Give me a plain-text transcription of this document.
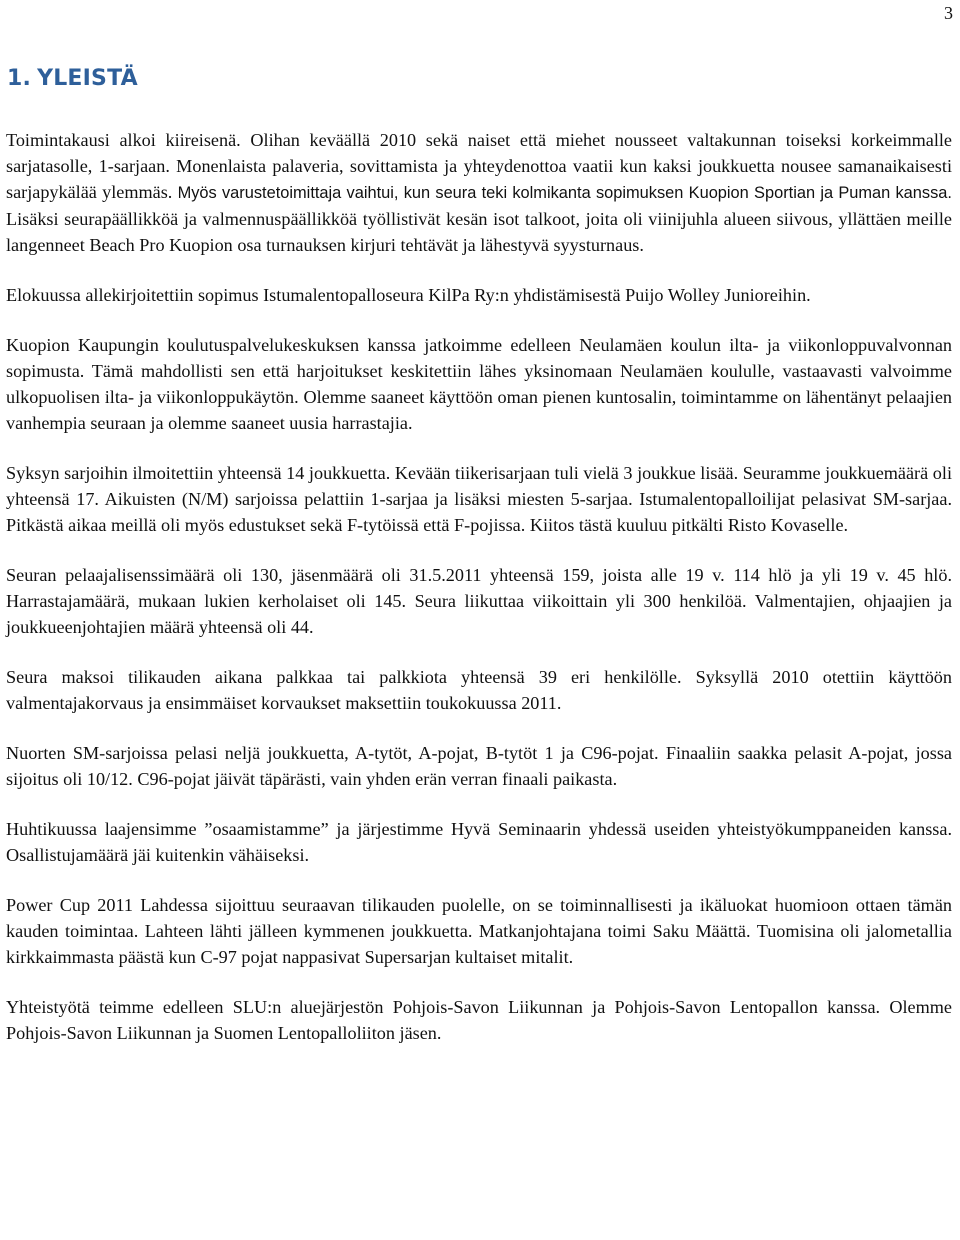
3
1. YLEISTÄ

Toimintakausi alkoi kiireisenä. Olihan keväällä 2010 sekä naiset että miehet nousseet valtakunnan toiseksi korkeimmalle sarjatasolle, 1-sarjaan. Monenlaista palaveria, sovittamista ja yhteydenottoa vaatii kun kaksi joukkuetta nousee samanaikaisesti sarjapykälää ylemmäs. Myös varustetoimittaja vaihtui, kun seura teki kolmikanta sopimuksen Kuopion Sportian ja Puman kanssa. Lisäksi seurapäällikköä ja valmennuspäällikköä työllistivät kesän isot talkoot, joita oli viinijuhla alueen siivous, yllättäen meille langenneet Beach Pro Kuopion osa turnauksen kirjuri tehtävät ja lähestyvä syysturnaus.

Elokuussa allekirjoitettiin sopimus Istumalentopalloseura KilPa Ry:n yhdistämisestä Puijo Wolley Junioreihin.

Kuopion Kaupungin koulutuspalvelukeskuksen kanssa jatkoimme edelleen Neulamäen koulun ilta- ja viikonloppuvalvonnan sopimusta. Tämä mahdollisti sen että harjoitukset keskitettiin lähes yksinomaan Neulamäen koululle, vastaavasti valvoimme ulkopuolisen ilta- ja viikonloppukäytön. Olemme saaneet käyttöön oman pienen kuntosalin, toimintamme on lähentänyt pelaajien vanhempia seuraan ja olemme saaneet uusia harrastajia.

Syksyn sarjoihin ilmoitettiin yhteensä 14 joukkuetta. Kevään tiikerisarjaan tuli vielä 3 joukkue lisää. Seuramme joukkuemäärä oli yhteensä 17. Aikuisten (N/M) sarjoissa pelattiin 1-sarjaa ja lisäksi miesten 5-sarjaa. Istumalentopalloilijat pelasivat SM-sarjaa. Pitkästä aikaa meillä oli myös edustukset sekä F-tytöissä että F-pojissa. Kiitos tästä kuuluu pitkälti Risto Kovaselle.

Seuran pelaajalisenssimäärä oli 130, jäsenmäärä oli 31.5.2011 yhteensä 159, joista alle 19 v. 114 hlö ja yli 19 v. 45 hlö. Harrastajamäärä, mukaan lukien kerholaiset oli 145. Seura liikuttaa viikoittain yli 300 henkilöä. Valmentajien, ohjaajien ja joukkueenjohtajien määrä yhteensä oli 44.

Seura maksoi tilikauden aikana palkkaa tai palkkiota yhteensä 39 eri henkilölle. Syksyllä 2010 otettiin käyttöön valmentajakorvaus ja ensimmäiset korvaukset maksettiin toukokuussa 2011.

Nuorten SM-sarjoissa pelasi neljä joukkuetta, A-tytöt, A-pojat, B-tytöt 1 ja C96-pojat. Finaaliin saakka pelasit A-pojat, jossa sijoitus oli 10/12. C96-pojat jäivät täpärästi, vain yhden erän verran finaali paikasta.

Huhtikuussa laajensimme ”osaamistamme” ja järjestimme Hyvä Seminaarin yhdessä useiden yhteistyökumppaneiden kanssa. Osallistujamäärä jäi kuitenkin vähäiseksi.

Power Cup 2011 Lahdessa sijoittuu seuraavan tilikauden puolelle, on se toiminnallisesti ja ikäluokat huomioon ottaen tämän kauden toimintaa. Lahteen lähti jälleen kymmenen joukkuetta. Matkanjohtajana toimi Saku Määttä. Tuomisina oli jalometallia kirkkaimmasta päästä kun C-97 pojat nappasivat Supersarjan kultaiset mitalit.

Yhteistyötä teimme edelleen SLU:n aluejärjestön Pohjois-Savon Liikunnan ja Pohjois-Savon Lentopallon kanssa. Olemme Pohjois-Savon Liikunnan ja Suomen Lentopalloliiton jäsen.
